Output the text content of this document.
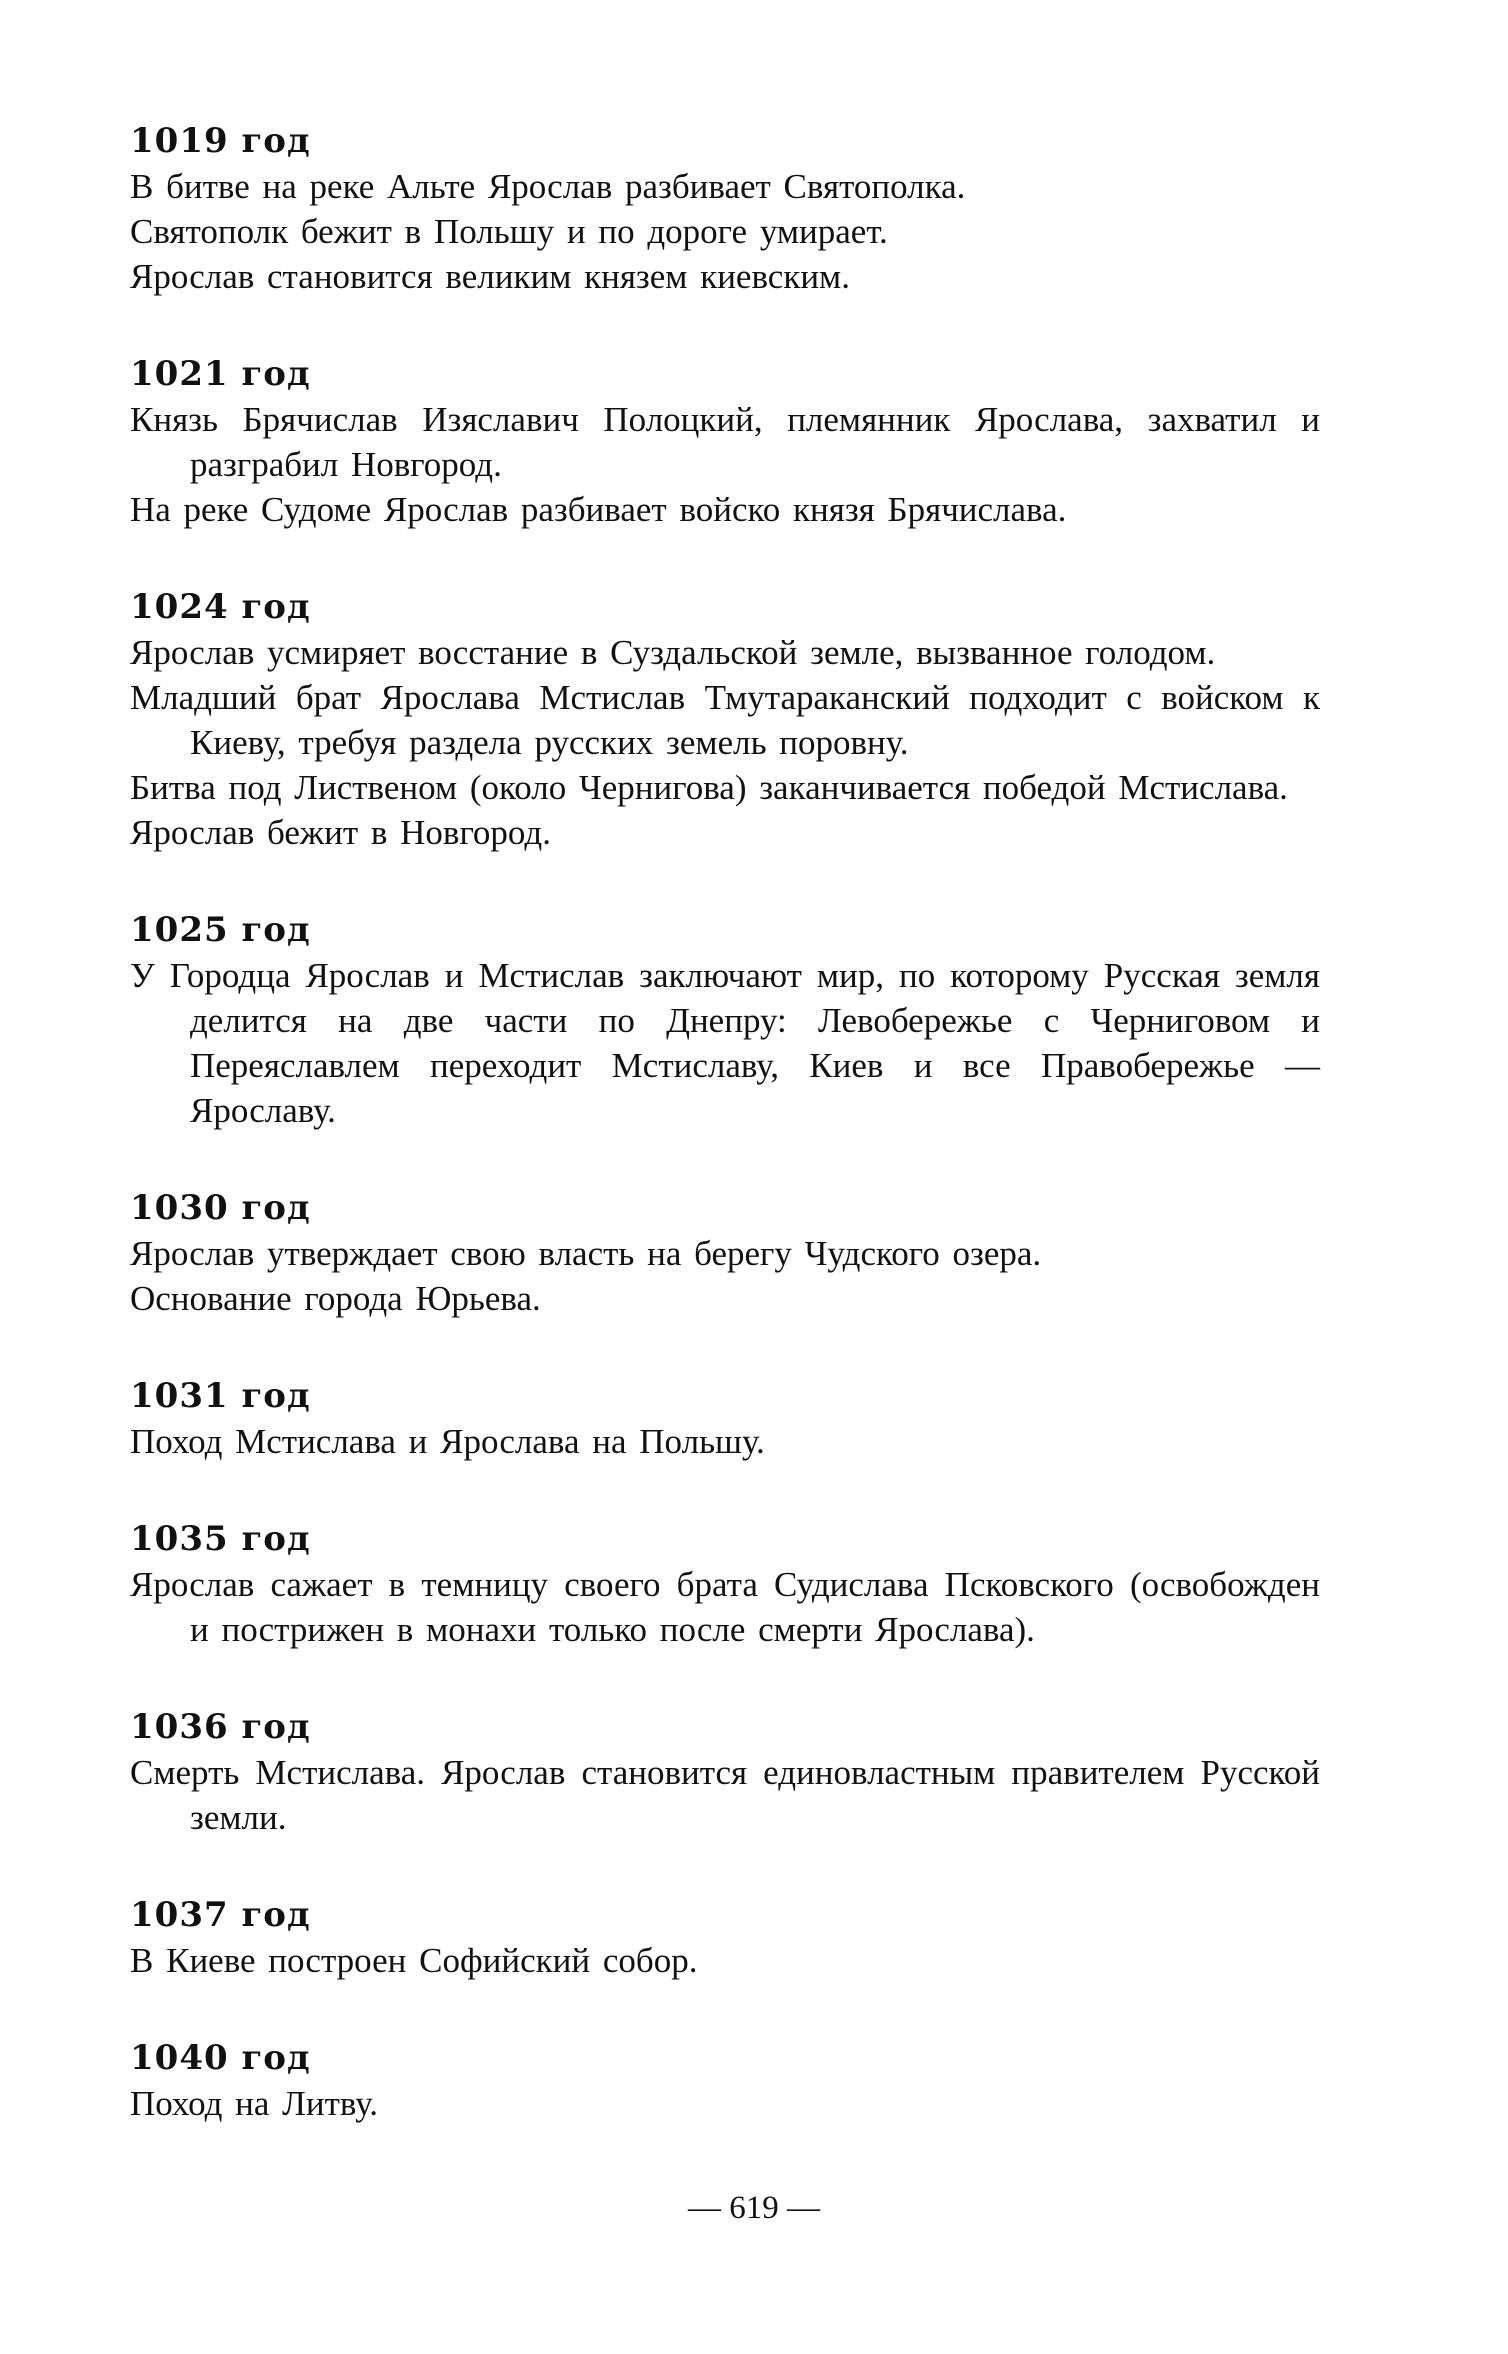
1019 год

В битве на реке Альте Ярослав разбивает Святополка.

Святополк бежит в Польшу и по дороге умирает.

Ярослав становится великим князем киевским.

1021 год

Князь Брячислав Изяславич Полоцкий, племянник Ярослава, захватил и разграбил Новгород.

На реке Судоме Ярослав разбивает войско князя Брячислава.

1024 год

Ярослав усмиряет восстание в Суздальской земле, вызванное голодом.

Младший брат Ярослава Мстислав Тмутараканский подходит с войском к Киеву, требуя раздела русских земель поровну.

Битва под Лиственом (около Чернигова) заканчивается победой Мстислава.

Ярослав бежит в Новгород.

1025 год

У Городца Ярослав и Мстислав заключают мир, по которому Русская земля делится на две части по Днепру: Левобережье с Черниговом и Переяславлем переходит Мстиславу, Киев и все Правобережье — Ярославу.

1030 год

Ярослав утверждает свою власть на берегу Чудского озера.

Основание города Юрьева.

1031 год

Поход Мстислава и Ярослава на Польшу.

1035 год

Ярослав сажает в темницу своего брата Судислава Псковского (освобожден и пострижен в монахи только после смерти Ярослава).

1036 год

Смерть Мстислава. Ярослав становится единовластным правителем Русской земли.

1037 год

В Киеве построен Софийский собор.

1040 год

Поход на Литву.

— 619 —
